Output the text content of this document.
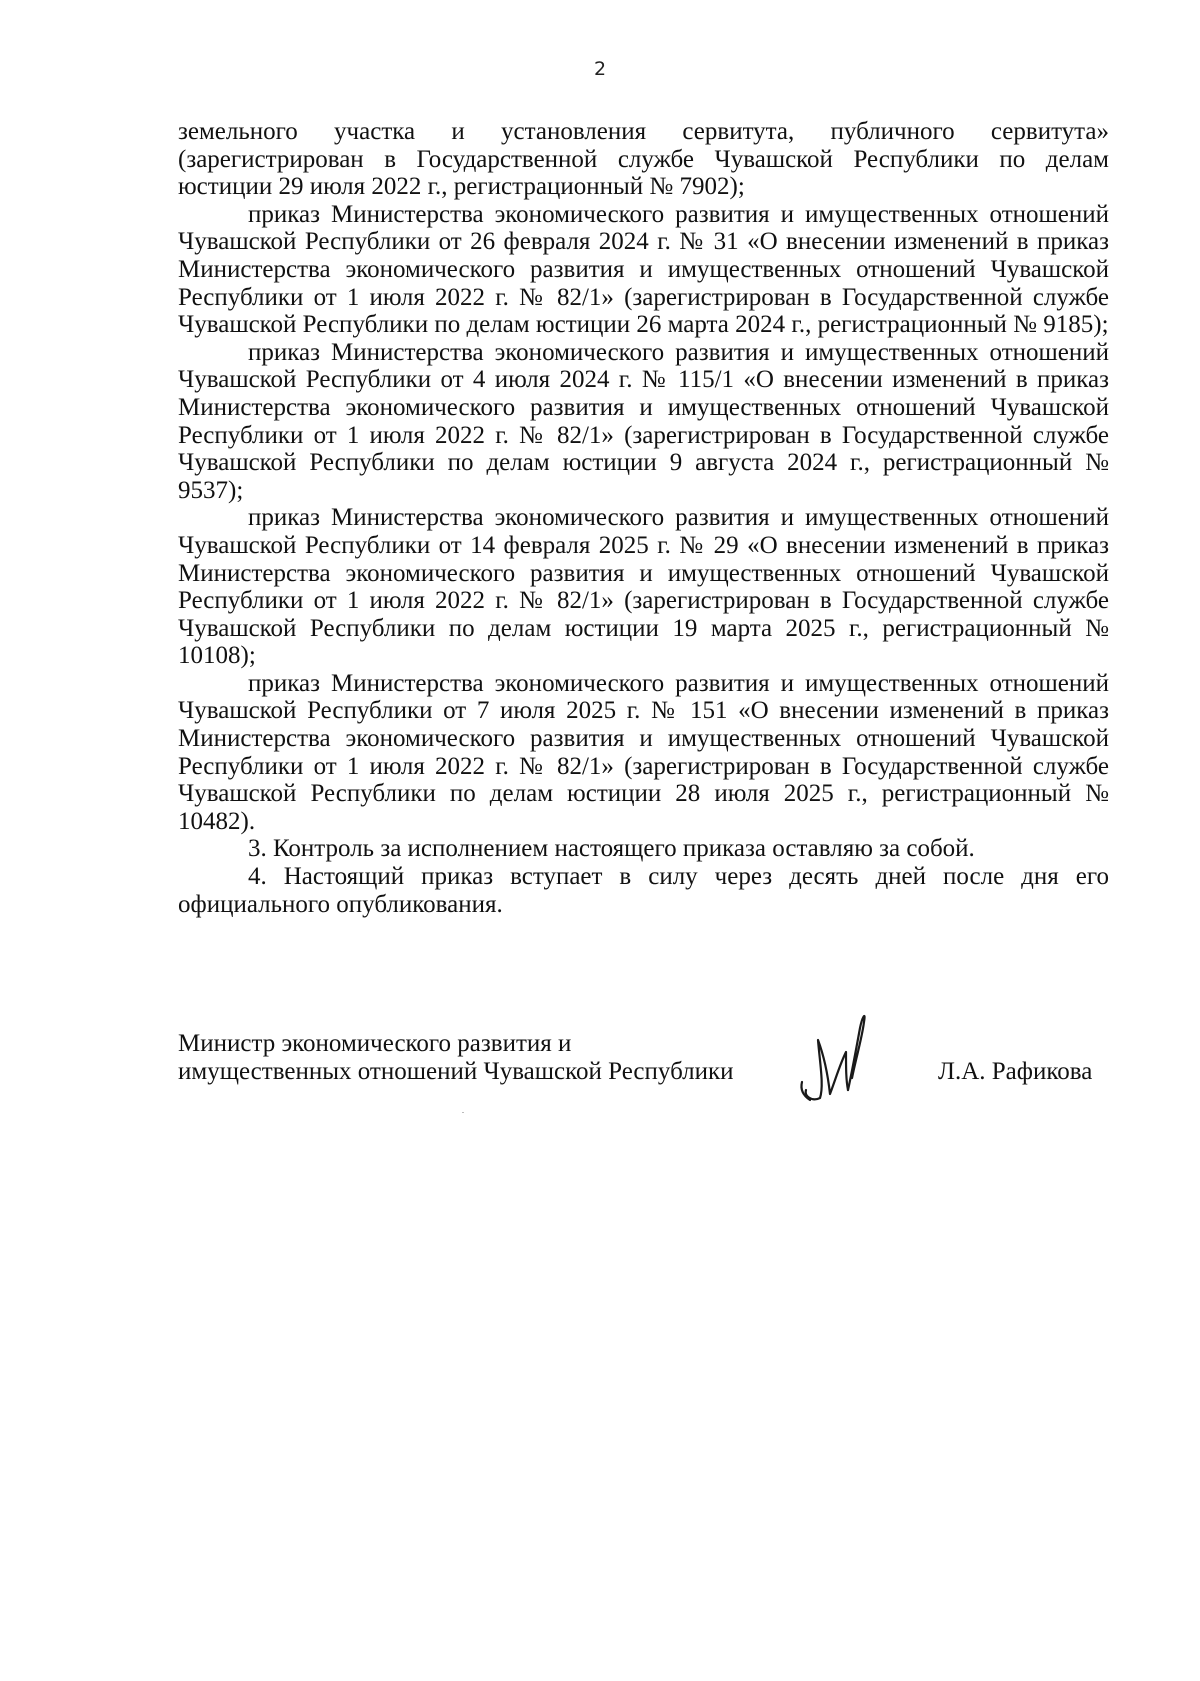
2

земельного участка и установления сервитута, публичного сервитута» (зарегистрирован в Государственной службе Чувашской Республики по делам юстиции 29 июля 2022 г., регистрационный № 7902);

приказ Министерства экономического развития и имущественных отношений Чувашской Республики от 26 февраля 2024 г. № 31 «О внесении изменений в приказ Министерства экономического развития и имущественных отношений Чувашской Республики от 1 июля 2022 г. № 82/1» (зарегистрирован в Государственной службе Чувашской Республики по делам юстиции 26 марта 2024 г., регистрационный № 9185);

приказ Министерства экономического развития и имущественных отношений Чувашской Республики от 4 июля 2024 г. № 115/1 «О внесении изменений в приказ Министерства экономического развития и имущественных отношений Чувашской Республики от 1 июля 2022 г. № 82/1» (зарегистрирован в Государственной службе Чувашской Республики по делам юстиции 9 августа 2024 г., регистрационный № 9537);

приказ Министерства экономического развития и имущественных отношений Чувашской Республики от 14 февраля 2025 г. № 29 «О внесении изменений в приказ Министерства экономического развития и имущественных отношений Чувашской Республики от 1 июля 2022 г. № 82/1» (зарегистрирован в Государственной службе Чувашской Республики по делам юстиции 19 марта 2025 г., регистрационный № 10108);

приказ Министерства экономического развития и имущественных отношений Чувашской Республики от 7 июля 2025 г. № 151 «О внесении изменений в приказ Министерства экономического развития и имущественных отношений Чувашской Республики от 1 июля 2022 г. № 82/1» (зарегистрирован в Государственной службе Чувашской Республики по делам юстиции 28 июля 2025 г., регистрационный № 10482).

3. Контроль за исполнением настоящего приказа оставляю за собой.

4. Настоящий приказ вступает в силу через десять дней после дня его официального опубликования.

Министр экономического развития и
имущественных отношений Чувашской Республики	Л.А. Рафикова
